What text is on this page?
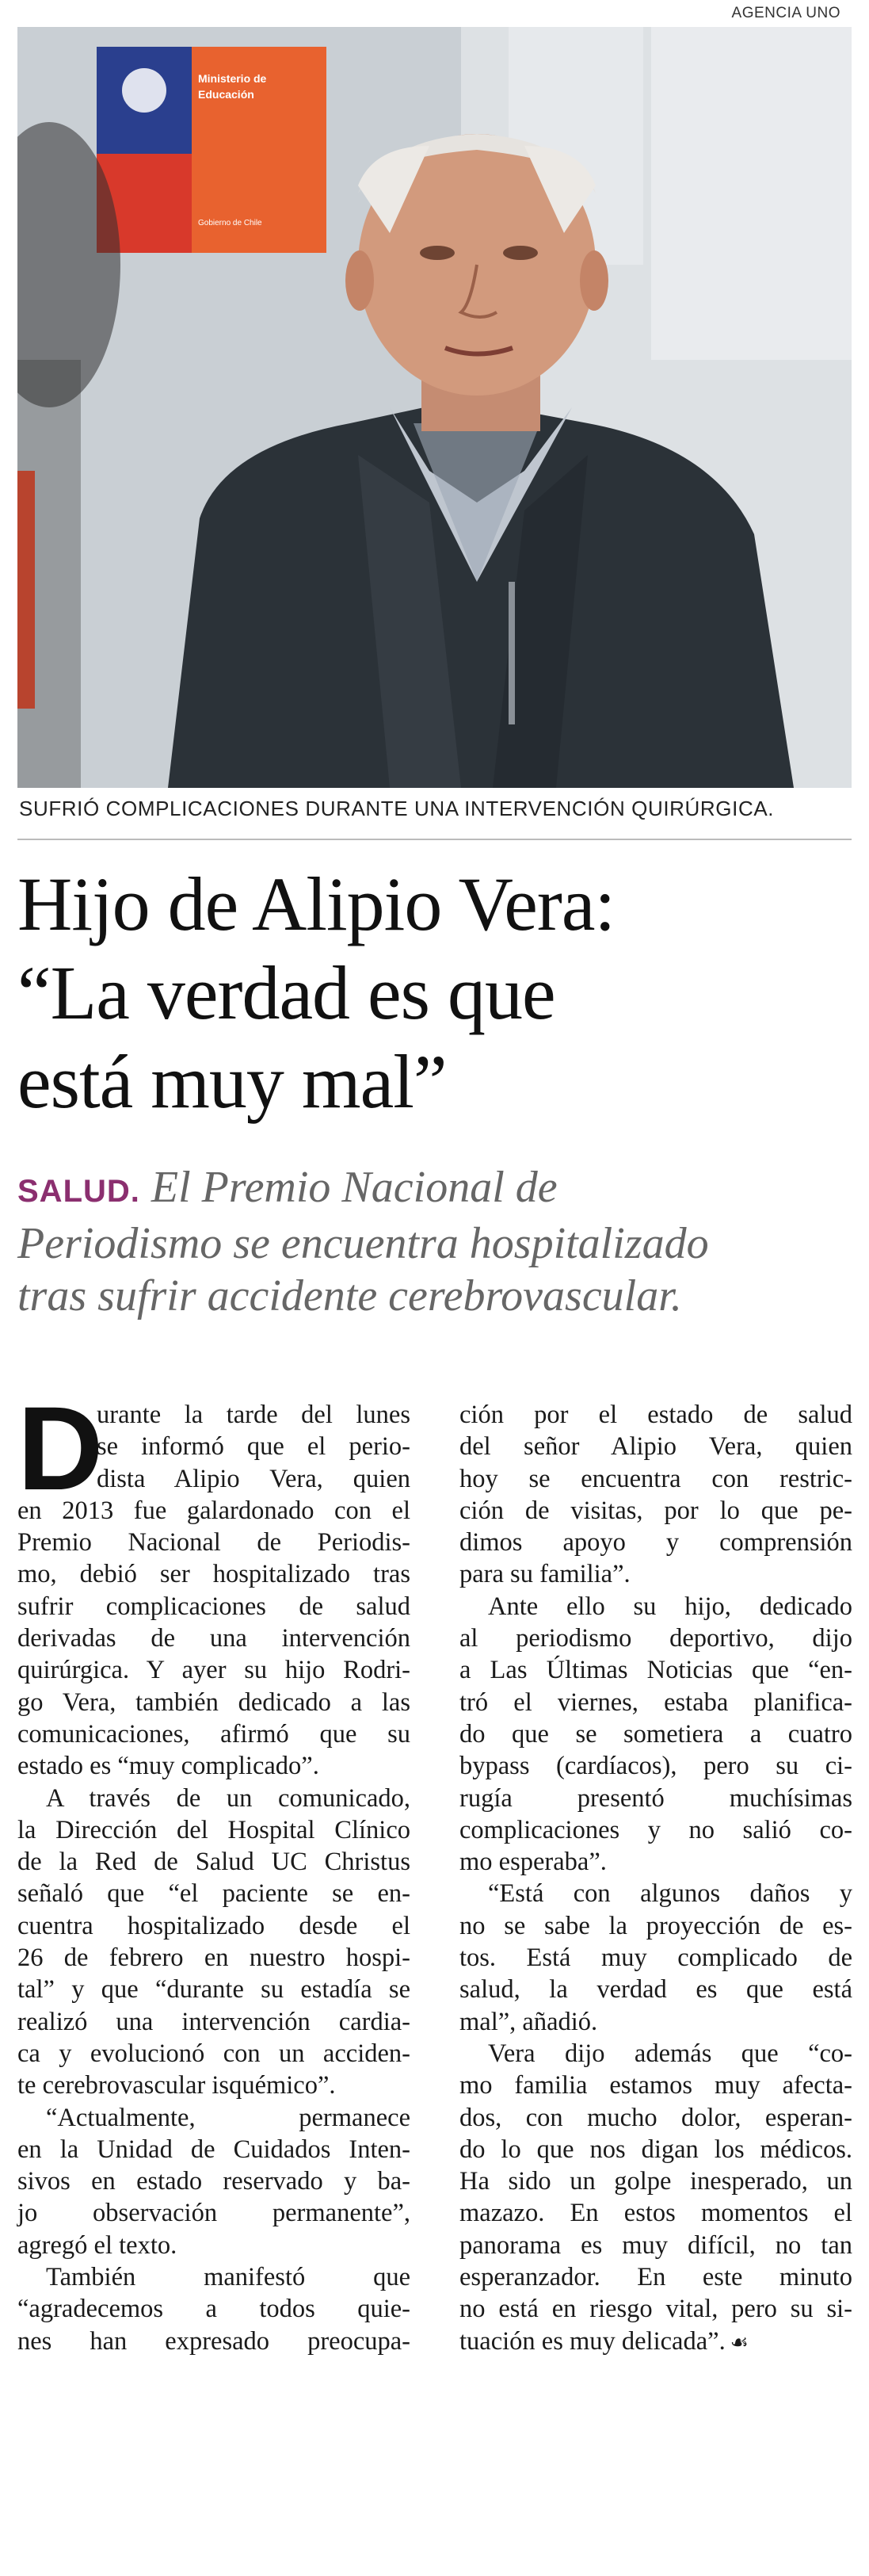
AGENCIA UNO
Ministerio de
Educación
Gobierno de Chile
SUFRIÓ COMPLICACIONES DURANTE UNA INTERVENCIÓN QUIRÚRGICA.
Hijo de Alipio Vera:
“La verdad es que
está muy mal”
SALUD. El Premio Nacional de
Periodismo se encuentra hospitalizado
tras sufrir accidente cerebrovascular.
D
urante la tarde del lunes
se informó que el perio-
dista Alipio Vera, quien
en 2013 fue galardonado con el
Premio Nacional de Periodis-
mo, debió ser hospitalizado tras
sufrir complicaciones de salud
derivadas de una intervención
quirúrgica. Y ayer su hijo Rodri-
go Vera, también dedicado a las
comunicaciones, afirmó que su
estado es “muy complicado”.
A través de un comunicado,
la Dirección del Hospital Clínico
de la Red de Salud UC Christus
señaló que “el paciente se en-
cuentra hospitalizado desde el
26 de febrero en nuestro hospi-
tal” y que “durante su estadía se
realizó una intervención cardia-
ca y evolucionó con un acciden-
te cerebrovascular isquémico”.
“Actualmente, permanece
en la Unidad de Cuidados Inten-
sivos en estado reservado y ba-
jo observación permanente”,
agregó el texto.
También manifestó que
“agradecemos a todos quie-
nes han expresado preocupa-
ción por el estado de salud
del señor Alipio Vera, quien
hoy se encuentra con restric-
ción de visitas, por lo que pe-
dimos apoyo y comprensión
para su familia”.
Ante ello su hijo, dedicado
al periodismo deportivo, dijo
a Las Últimas Noticias que “en-
tró el viernes, estaba planifica-
do que se sometiera a cuatro
bypass (cardíacos), pero su ci-
rugía presentó muchísimas
complicaciones y no salió co-
mo esperaba”.
“Está con algunos daños y
no se sabe la proyección de es-
tos. Está muy complicado de
salud, la verdad es que está
mal”, añadió.
Vera dijo además que “co-
mo familia estamos muy afecta-
dos, con mucho dolor, esperan-
do lo que nos digan los médicos.
Ha sido un golpe inesperado, un
mazazo. En estos momentos el
panorama es muy difícil, no tan
esperanzador. En este minuto
no está en riesgo vital, pero su si-
tuación es muy delicada”. ☙
